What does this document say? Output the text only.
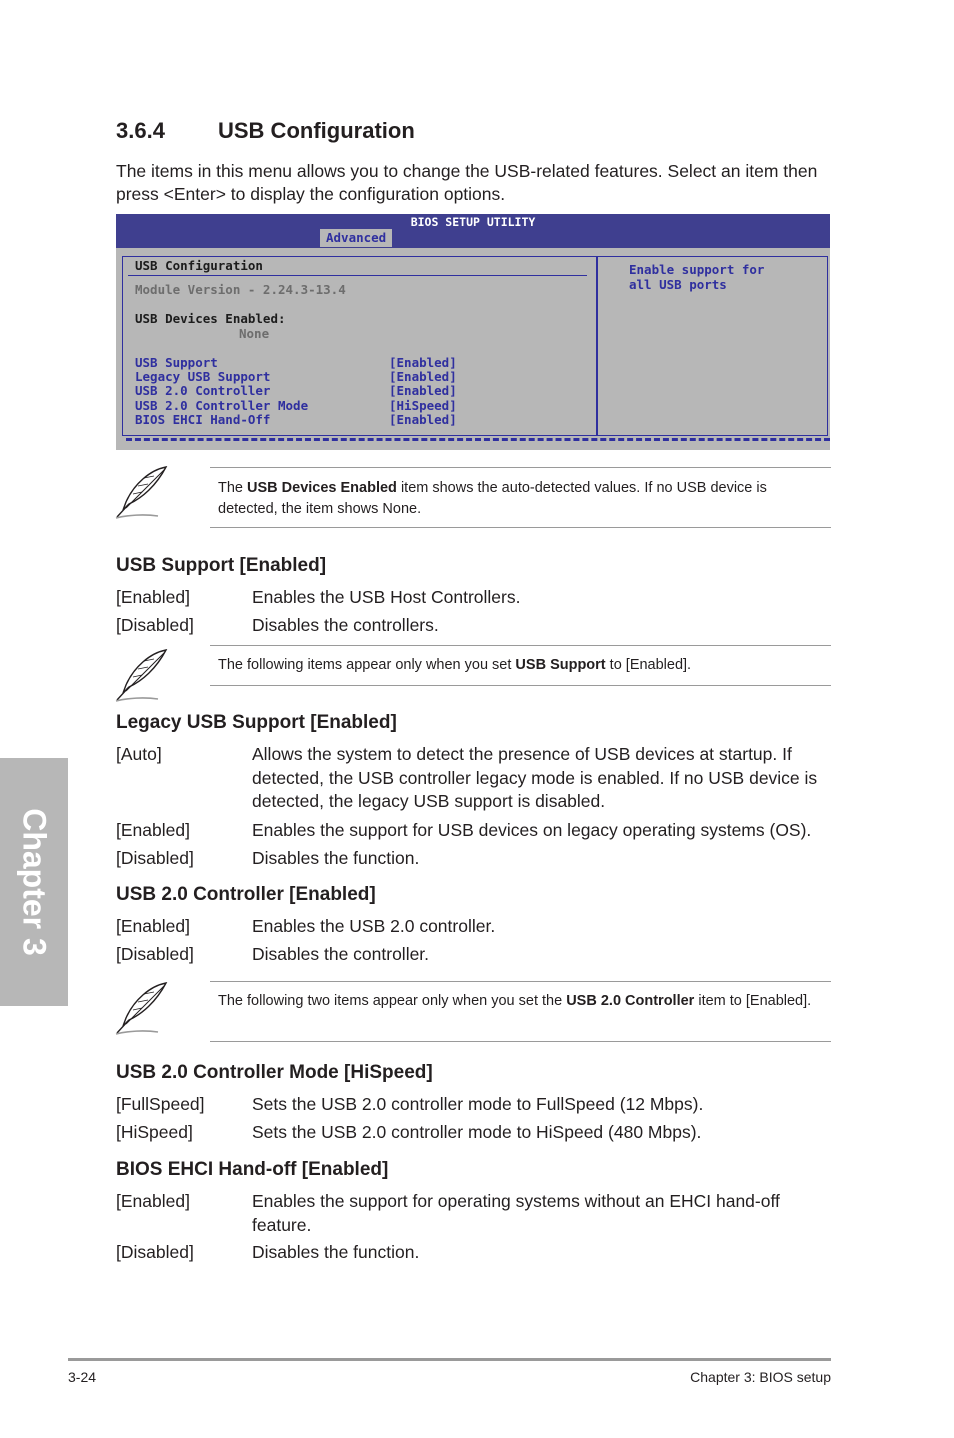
3.6.4 USB Configuration

The items in this menu allows you to change the USB-related features. Select an item then press <Enter> to display the configuration options.

BIOS SETUP UTILITY
Advanced
USB Configuration
Module Version - 2.24.3-13.4
USB Devices Enabled:
None
USB Support	[Enabled]
Legacy USB Support	[Enabled]
USB 2.0 Controller	[Enabled]
USB 2.0 Controller Mode	[HiSpeed]
BIOS EHCI Hand-Off	[Enabled]
Enable support for
all USB ports

The USB Devices Enabled item shows the auto-detected values. If no USB device is detected, the item shows None.

USB Support [Enabled]
[Enabled]	Enables the USB Host Controllers.
[Disabled]	Disables the controllers.

The following items appear only when you set USB Support to [Enabled].

Legacy USB Support [Enabled]
[Auto]	Allows the system to detect the presence of USB devices at startup. If detected, the USB controller legacy mode is enabled. If no USB device is detected, the legacy USB support is disabled.
[Enabled]	Enables the support for USB devices on legacy operating systems (OS).
[Disabled]	Disables the function.
USB 2.0 Controller [Enabled]
[Enabled]	Enables the USB 2.0 controller.
[Disabled]	Disables the controller.

The following two items appear only when you set the USB 2.0 Controller item to [Enabled].

USB 2.0 Controller Mode [HiSpeed]
[FullSpeed]	Sets the USB 2.0 controller mode to FullSpeed (12 Mbps).
[HiSpeed]	Sets the USB 2.0 controller mode to HiSpeed (480 Mbps).
BIOS EHCI Hand-off [Enabled]
[Enabled]	Enables the support for operating systems without an EHCI hand-off feature.
[Disabled]	Disables the function.
Chapter 3
3-24	Chapter 3: BIOS setup
